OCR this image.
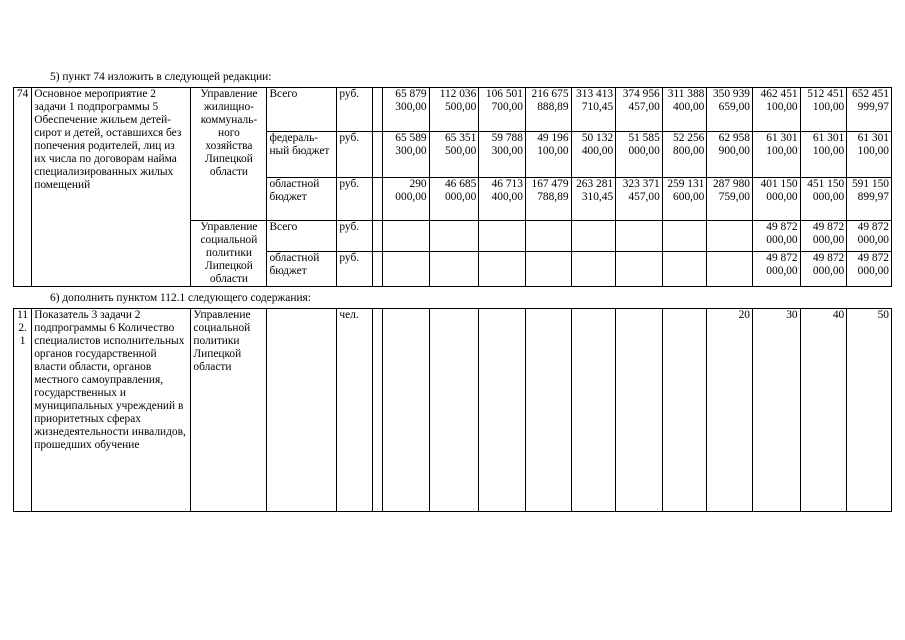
5) пункт 74 изложить в следующей редакции:
74	Основное мероприятие 2 задачи 1 подпрограммы 5 Обеспечение жильем детей-сирот и детей, оставшихся без попечения родителей, лиц из их числа по договорам найма специализированных жилых помещений	Управление жилищно-коммуналь-ного хозяйства Липецкой области	Всего	руб.		65 879 300,00	112 036 500,00	106 501 700,00	216 675 888,89	313 413 710,45	374 956 457,00	311 388 400,00	350 939 659,00	462 451 100,00	512 451 100,00	652 451 999,97
			федераль-ный бюджет	руб.		65 589 300,00	65 351 500,00	59 788 300,00	49 196 100,00	50 132 400,00	51 585 000,00	52 256 800,00	62 958 900,00	61 301 100,00	61 301 100,00	61 301 100,00
			областной бюджет	руб.		290 000,00	46 685 000,00	46 713 400,00	167 479 788,89	263 281 310,45	323 371 457,00	259 131 600,00	287 980 759,00	401 150 000,00	451 150 000,00	591 150 899,97
		Управление социальной политики Липецкой области	Всего	руб.										49 872 000,00	49 872 000,00	49 872 000,00
			областной бюджет	руб.										49 872 000,00	49 872 000,00	49 872 000,00
6) дополнить пунктом 112.1 следующего содержания:
112. 1	Показатель 3 задачи 2 подпрограммы 6 Количество специалистов исполнительных органов государственной власти области, органов местного самоуправления, государственных и муниципальных учреждений в приоритетных сферах жизнедеятельности инвалидов, прошедших обучение	Управление социальной политики Липецкой области		чел.									20	30	40	50
